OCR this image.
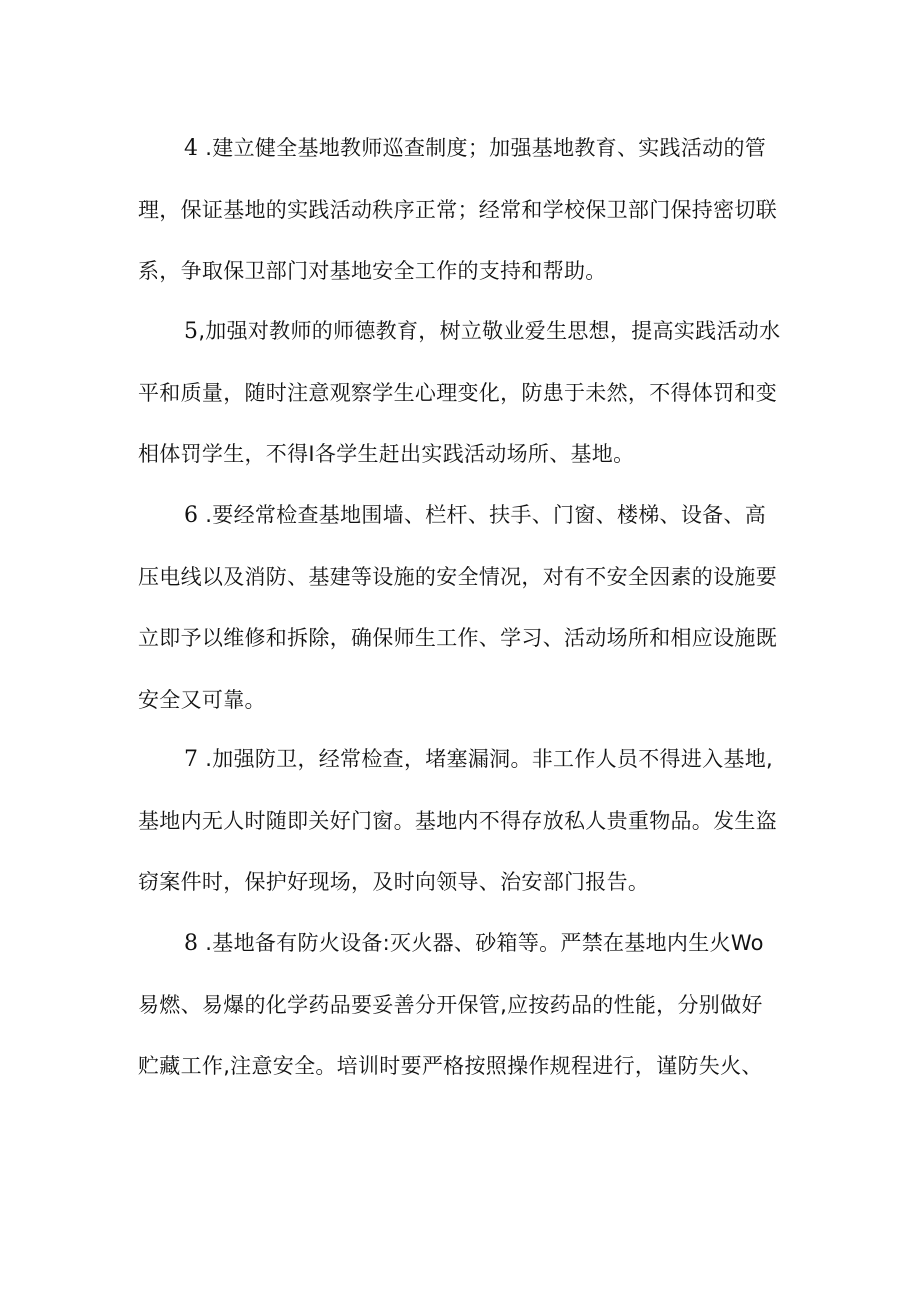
4 .建立健全基地教师巡查制度；加强基地教育、实践活动的管
理，保证基地的实践活动秩序正常；经常和学校保卫部门保持密切联
系，争取保卫部门对基地安全工作的支持和帮助。

5,加强对教师的师德教育，树立敬业爱生思想，提高实践活动水
平和质量，随时注意观察学生心理变化，防患于未然，不得体罚和变
相体罚学生，不得I各学生赶出实践活动场所、基地。

6 .要经常检查基地围墙、栏杆、扶手、门窗、楼梯、设备、高
压电线以及消防、基建等设施的安全情况，对有不安全因素的设施要
立即予以维修和拆除，确保师生工作、学习、活动场所和相应设施既
安全又可靠。

7 .加强防卫，经常检查，堵塞漏洞。非工作人员不得进入基地,
基地内无人时随即关好门窗。基地内不得存放私人贵重物品。发生盗
窃案件时，保护好现场，及时向领导、治安部门报告。

8 .基地备有防火设备:灭火器、砂箱等。严禁在基地内生火Wo
易燃、易爆的化学药品要妥善分开保管,应按药品的性能，分别做好
贮藏工作,注意安全。培训时要严格按照操作规程进行，谨防失火、
